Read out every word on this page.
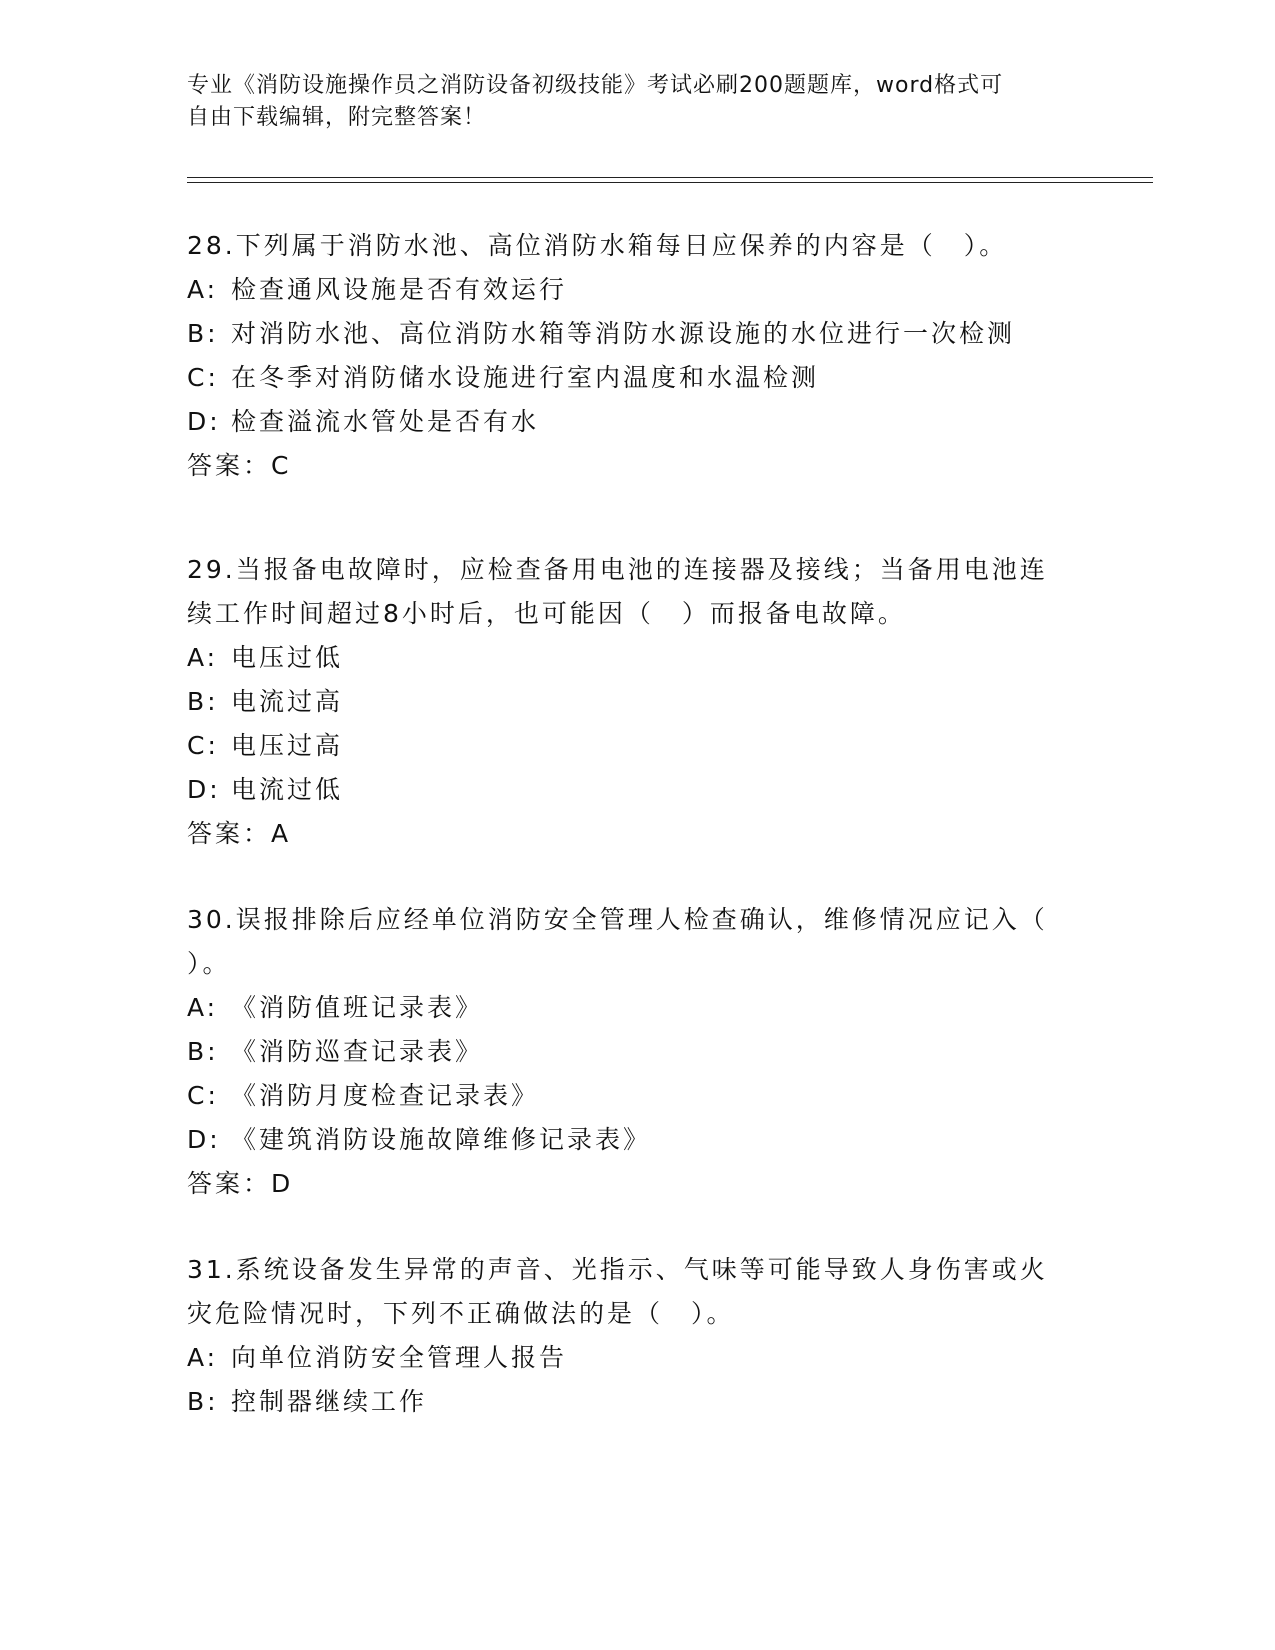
专业《消防设施操作员之消防设备初级技能》考试必刷200题题库，word格式可
自由下载编辑，附完整答案！
28.下列属于消防水池、高位消防水箱每日应保养的内容是（　）。
A: 检查通风设施是否有效运行
B: 对消防水池、高位消防水箱等消防水源设施的水位进行一次检测
C: 在冬季对消防储水设施进行室内温度和水温检测
D: 检查溢流水管处是否有水
答案：C
29.当报备电故障时，应检查备用电池的连接器及接线；当备用电池连
续工作时间超过8小时后，也可能因（　）而报备电故障。
A: 电压过低
B: 电流过高
C: 电压过高
D: 电流过低
答案：A
30.误报排除后应经单位消防安全管理人检查确认，维修情况应记入（
）。
A: 《消防值班记录表》
B: 《消防巡查记录表》
C: 《消防月度检查记录表》
D: 《建筑消防设施故障维修记录表》
答案：D
31.系统设备发生异常的声音、光指示、气味等可能导致人身伤害或火
灾危险情况时，下列不正确做法的是（　）。
A: 向单位消防安全管理人报告
B: 控制器继续工作
